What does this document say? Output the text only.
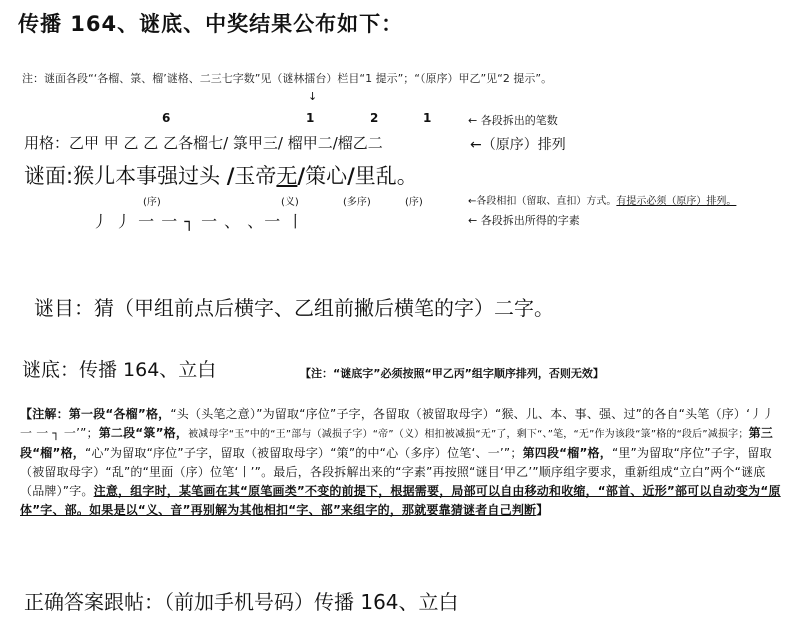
传播 164、谜底、中奖结果公布如下：
注：谜面各段“‘各榴、箓、榴’谜格、二三七字数”见（谜林擂台）栏目“1 提示”；“（原序）甲乙”见“2 提示”。
↓
6	1	2	1	← 各段拆出的笔数
用格：乙甲 甲 乙 乙 乙各榴七/ 箓甲三/ 榴甲二/榴乙二	←（原序）排列
谜面:猴儿本事强过头 /玉帝无/策心/里乱。
(序)	(义)	(多序)	(序)	←各段相扣（留取、直扣）方式。有提示必须（原序）排列。
丿 丿 一 一 ┐ 一 、 、一 丨	← 各段拆出所得的字素
谜目：猜（甲组前点后横字、乙组前撇后横笔的字）二字。
谜底：传播 164、立白	【注：“谜底字”必须按照“甲乙丙”组字顺序排列，否则无效】
【注解：第一段“各榴”格，“头（头笔之意）”为留取“序位”子字，各留取（被留取母字）“猴、儿、本、事、强、过”的各自“头笔（序）‘丿丿一 一 ┐ 一’”；第二段“箓”格，被减母字“玉”中的“王”部与（减损子字）“帝”（义）相扣被减损“无”了，剩下“、”笔，“无”作为该段“箓”格的“段后”减损字；第三段“榴”格，“心”为留取“序位”子字，留取（被留取母字）“策”的中“心（多序）位笔‘、一’”；第四段“榴”格，“里”为留取“序位”子字，留取（被留取母字）“乱”的“里面（序）位笔‘丨’”。最后，各段拆解出来的“字素”再按照“谜目‘甲乙’”顺序组字要求，重新组成“立白”两个“谜底（品牌）”字。注意，组字时，某笔画在其“原笔画类”不变的前提下，根据需要，局部可以自由移动和收缩，“部首、近形”部可以自动变为“原体”字、部。如果是以“义、音”再别解为其他相扣“字、部”来组字的，那就要靠猜谜者自己判断】
正确答案跟帖：（前加手机号码）传播 164、立白
